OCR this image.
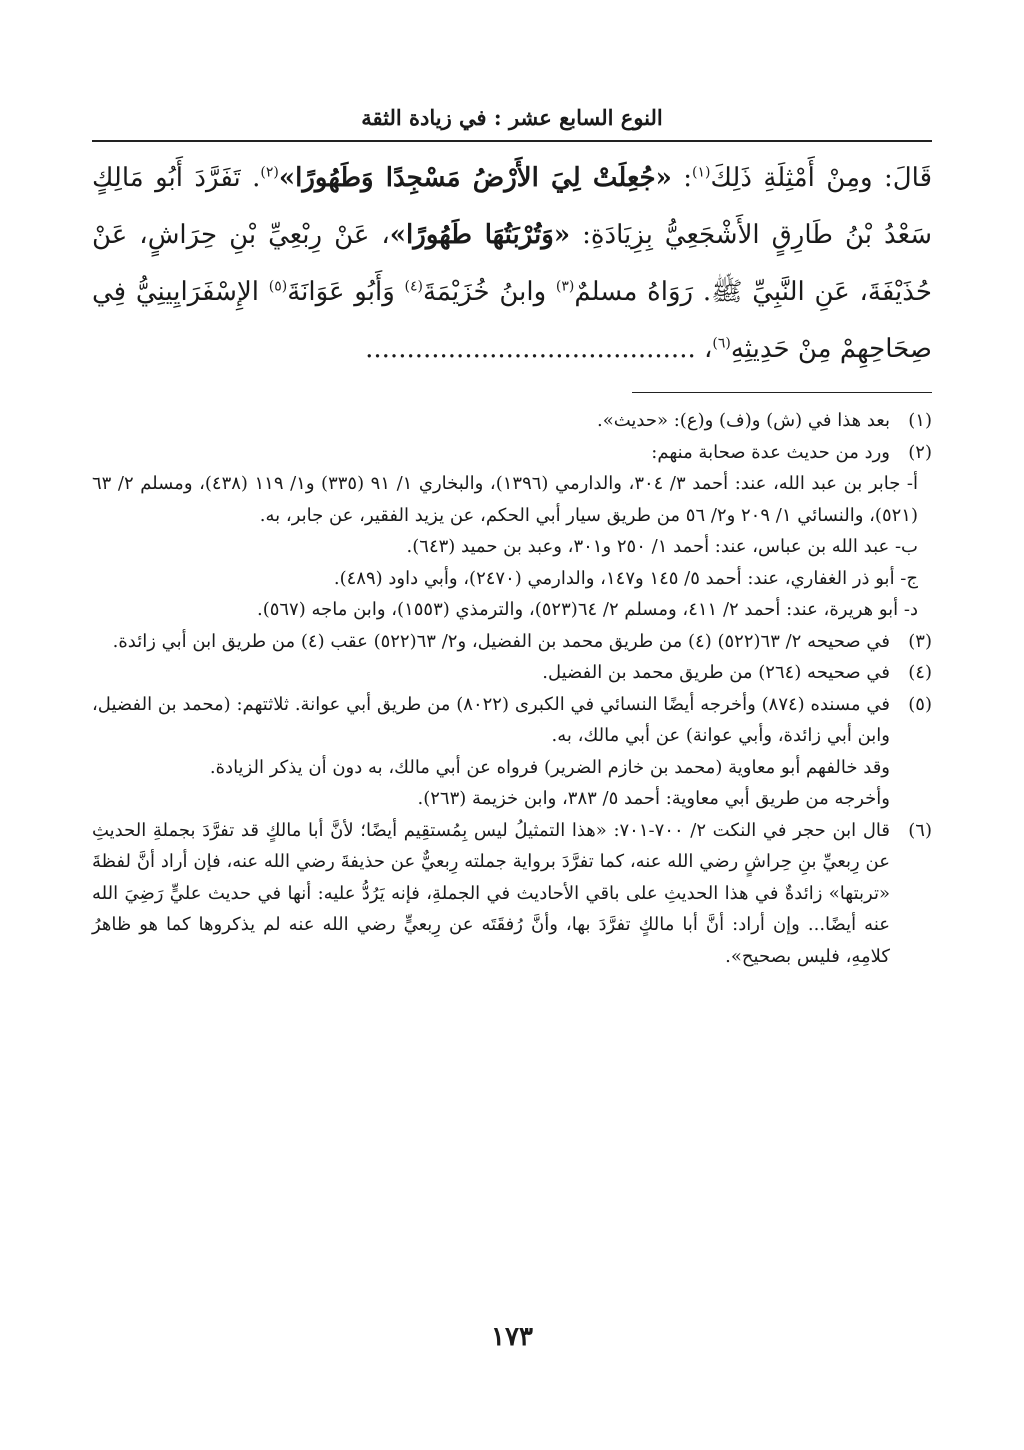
النوع السابع عشر : في زيادة الثقة
قَالَ: ومِنْ أَمْثِلَةِ ذَلِكَ$^{(١)}$: «جُعِلَتْ لِيَ الأَرْضُ مَسْجِدًا وَطَهُورًا»$^{(٢)}$. تَفَرَّدَ أَبُو مَالِكٍ سَعْدُ بْنُ طَارِقٍ الأَشْجَعِيُّ بِزِيَادَةِ: «وَتُرْبَتُهَا طَهُورًا»، عَنْ رِبْعِيِّ بْنِ حِرَاشٍ، عَنْ حُذَيْفَةَ، عَنِ النَّبِيِّ ﷺ. رَوَاهُ مسلمٌ$^{(٣)}$ وابنُ خُزَيْمَةَ$^{(٤)}$ وَأَبُو عَوَانَةَ$^{(٥)}$ الإِسْفَرَايِينِيُّ فِي صِحَاحِهِمْ مِنْ حَدِيثِهِ$^{(٦)}$، ........................................
(١)
بعد هذا في (ش) و(ف) و(ع): «حديث».
(٢)
ورد من حديث عدة صحابة منهم:
أ- جابر بن عبد الله، عند: أحمد ٣/ ٣٠٤، والدارمي (١٣٩٦)، والبخاري ١/ ٩١ (٣٣٥) و١/ ١١٩ (٤٣٨)، ومسلم ٢/ ٦٣ (٥٢١)، والنسائي ١/ ٢٠٩ و٢/ ٥٦ من طريق سيار أبي الحكم، عن يزيد الفقير، عن جابر، به.
ب- عبد الله بن عباس، عند: أحمد ١/ ٢٥٠ و٣٠١، وعبد بن حميد (٦٤٣).
ج- أبو ذر الغفاري، عند: أحمد ٥/ ١٤٥ و١٤٧، والدارمي (٢٤٧٠)، وأبي داود (٤٨٩).
د- أبو هريرة، عند: أحمد ٢/ ٤١١، ومسلم ٢/ ٦٤(٥٢٣)، والترمذي (١٥٥٣)، وابن ماجه (٥٦٧).
(٣)
في صحيحه ٢/ ٦٣(٥٢٢) (٤) من طريق محمد بن الفضيل، و٢/ ٦٣(٥٢٢) عقب (٤) من طريق ابن أبي زائدة.
(٤)
في صحيحه (٢٦٤) من طريق محمد بن الفضيل.
(٥)
في مسنده (٨٧٤) وأخرجه أيضًا النسائي في الكبرى (٨٠٢٢) من طريق أبي عوانة. ثلاثتهم: (محمد بن الفضيل، وابن أبي زائدة، وأبي عوانة) عن أبي مالك، به.
وقد خالفهم أبو معاوية (محمد بن خازم الضرير) فرواه عن أبي مالك، به دون أن يذكر الزيادة.
وأخرجه من طريق أبي معاوية: أحمد ٥/ ٣٨٣، وابن خزيمة (٢٦٣).
(٦)
قال ابن حجر في النكت ٢/ ٧٠٠-٧٠١: «هذا التمثيلُ ليس بِمُستقِيم أيضًا؛ لأنَّ أبا مالكٍ قد تفرَّدَ بجملةِ الحديثِ عن رِبعيِّ بنِ حِراشٍ رضي الله عنه، كما تفرَّدَ برواية جملته رِبعيٌّ عن حذيفةَ رضي الله عنه، فإن أراد أنَّ لفظةَ «تربتها» زائدةٌ في هذا الحديثِ على باقي الأحاديث في الجملةِ، فإنه يَرُدُّ عليه: أنها في حديث عليٍّ رَضِيَ الله عنه أيضًا... وإن أراد: أنَّ أبا مالكٍ تفرَّدَ بها، وأنَّ رُفقَتَه عن رِبعيٍّ رضي الله عنه لم يذكروها كما هو ظاهرُ كلامِهِ، فليس بصحيح».
١٧٣
